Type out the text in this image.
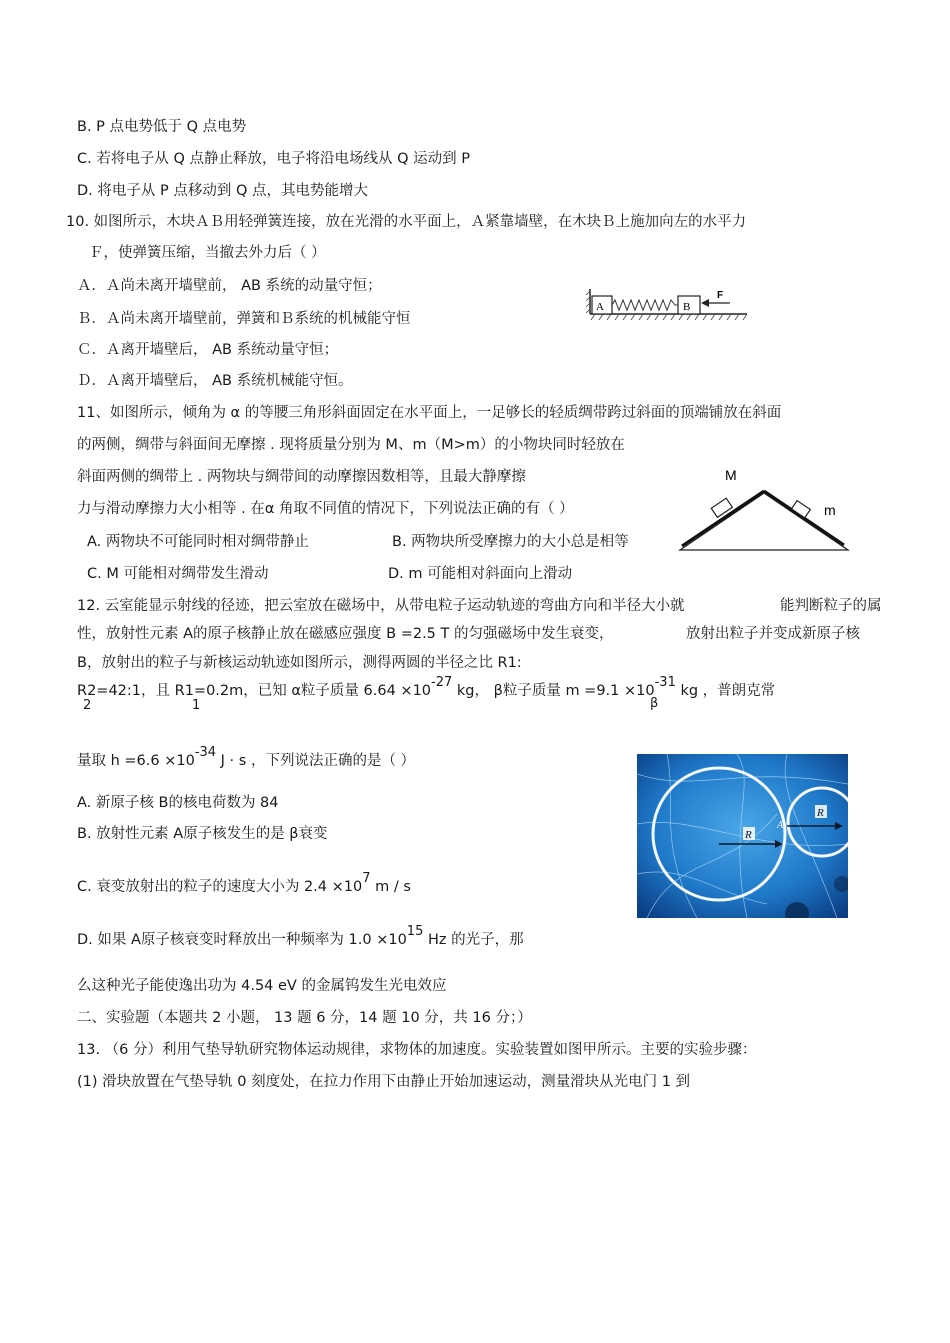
B. P 点电势低于 Q 点电势
C. 若将电子从 Q 点静止释放，电子将沿电场线从 Q 运动到 P
D. 将电子从 P 点移动到 Q 点，其电势能增大
10. 如图所示，木块ＡＢ用轻弹簧连接，放在光滑的水平面上，Ａ紧靠墙壁，在木块Ｂ上施加向左的水平力
Ｆ，使弹簧压缩，当撤去外力后（ ）
Ａ．Ａ尚未离开墙壁前， AB 系统的动量守恒；
Ｂ．Ａ尚未离开墙壁前，弹簧和Ｂ系统的机械能守恒
Ｃ．Ａ离开墙壁后， AB 系统动量守恒；
Ｄ．Ａ离开墙壁后， AB 系统机械能守恒。
A	B
F
11、如图所示，倾角为 α 的等腰三角形斜面固定在水平面上，一足够长的轻质绸带跨过斜面的顶端铺放在斜面
的两侧，绸带与斜面间无摩擦 . 现将质量分别为 M、m（M>m）的小物块同时轻放在
斜面两侧的绸带上 . 两物块与绸带间的动摩擦因数相等，且最大静摩擦
力与滑动摩擦力大小相等 . 在α 角取不同值的情况下，下列说法正确的有（ ）
A. 两物块不可能同时相对绸带静止	B. 两物块所受摩擦力的大小总是相等
C. M 可能相对绸带发生滑动	D. m 可能相对斜面向上滑动
M
m
12. 云室能显示射线的径迹，把云室放在磁场中，从带电粒子运动轨迹的弯曲方向和半径大小就	能判断粒子的属
性，放射性元素 A的原子核静止放在磁感应强度 B =2.5 T 的匀强磁场中发生衰变，	放射出粒子并变成新原子核
B，放射出的粒子与新核运动轨迹如图所示，测得两圆的半径之比 R1:
R2=42:1，且 R1=0.2m，已知 α粒子质量 6.64 ×10-27 kg， β粒子质量 m =9.1 ×10-31 kg ，普朗克常
2	1	β
量取 h =6.6 ×10-34 J · s ，下列说法正确的是（ ）
A. 新原子核 B的核电荷数为 84
B. 放射性元素 A原子核发生的是 β衰变
C. 衰变放射出的粒子的速度大小为 2.4 ×107 m / s
D. 如果 A原子核衰变时释放出一种频率为 1.0 ×1015 Hz 的光子，那
么这种光子能使逸出功为 4.54 eV 的金属钨发生光电效应
R
R
A
二、实验题（本题共 2 小题， 13 题 6 分，14 题 10 分，共 16 分；）
13. （6 分）利用气垫导轨研究物体运动规律，求物体的加速度。实验装置如图甲所示。主要的实验步骤：
(1) 滑块放置在气垫导轨 0 刻度处，在拉力作用下由静止开始加速运动，测量滑块从光电门 1 到
